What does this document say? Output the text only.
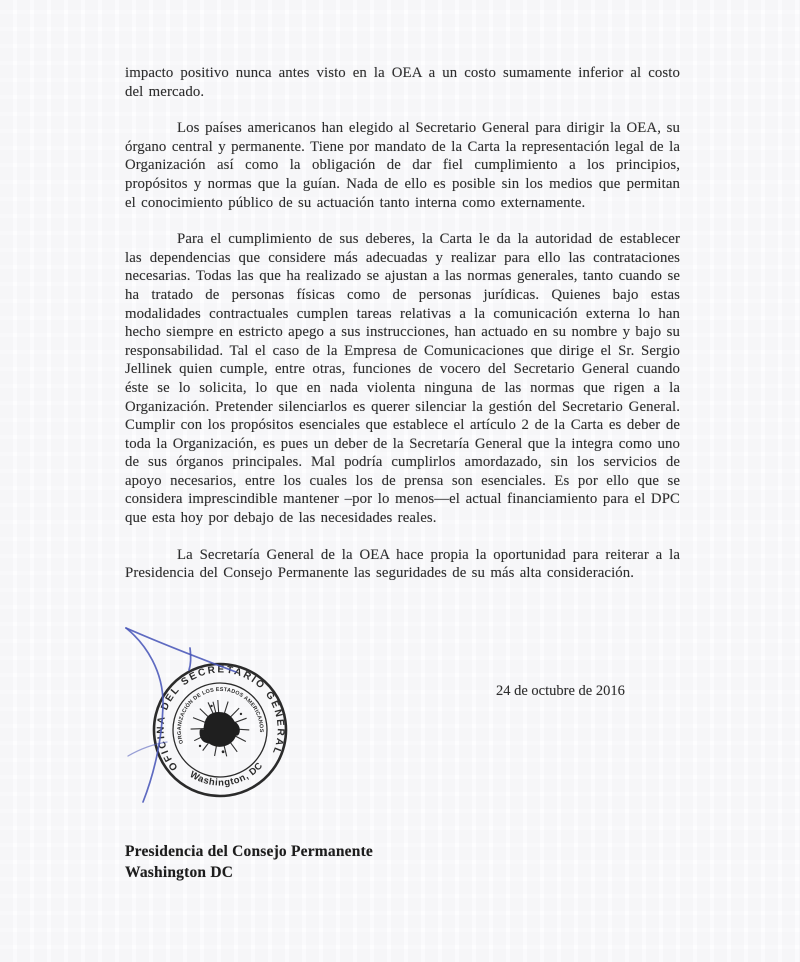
impacto positivo nunca antes visto en la OEA a un costo sumamente inferior al costo del mercado.

Los países americanos han elegido al Secretario General para dirigir la OEA, su órgano central y permanente. Tiene por mandato de la Carta la representación legal de la Organización así como la obligación de dar fiel cumplimiento a los principios, propósitos y normas que la guían. Nada de ello es posible sin los medios que permitan el conocimiento público de su actuación tanto interna como externamente.

Para el cumplimiento de sus deberes, la Carta le da la autoridad de establecer las dependencias que considere más adecuadas y realizar para ello las contrataciones necesarias. Todas las que ha realizado se ajustan a las normas generales, tanto cuando se ha tratado de personas físicas como de personas jurídicas. Quienes bajo estas modalidades contractuales cumplen tareas relativas a la comunicación externa lo han hecho siempre en estricto apego a sus instrucciones, han actuado en su nombre y bajo su responsabilidad. Tal el caso de la Empresa de Comunicaciones que dirige el Sr. Sergio Jellinek quien cumple, entre otras, funciones de vocero del Secretario General cuando éste se lo solicita, lo que en nada violenta ninguna de las normas que rigen a la Organización. Pretender silenciarlos es querer silenciar la gestión del Secretario General. Cumplir con los propósitos esenciales que establece el artículo 2 de la Carta es deber de toda la Organización, es pues un deber de la Secretaría General que la integra como uno de sus órganos principales. Mal podría cumplirlos amordazado, sin los servicios de apoyo necesarios, entre los cuales los de prensa son esenciales. Es por ello que se considera imprescindible mantener –por lo menos—el actual financiamiento para el DPC que esta hoy por debajo de las necesidades reales.

La Secretaría General de la OEA hace propia la oportunidad para reiterar a la Presidencia del Consejo Permanente las seguridades de su más alta consideración.

24 de octubre de 2016
OFICINA DEL SECRETARIO GENERAL
Washington, DC
ORGANIZACIÓN DE LOS ESTADOS AMERICANOS
Presidencia del Consejo Permanente
Washington DC
